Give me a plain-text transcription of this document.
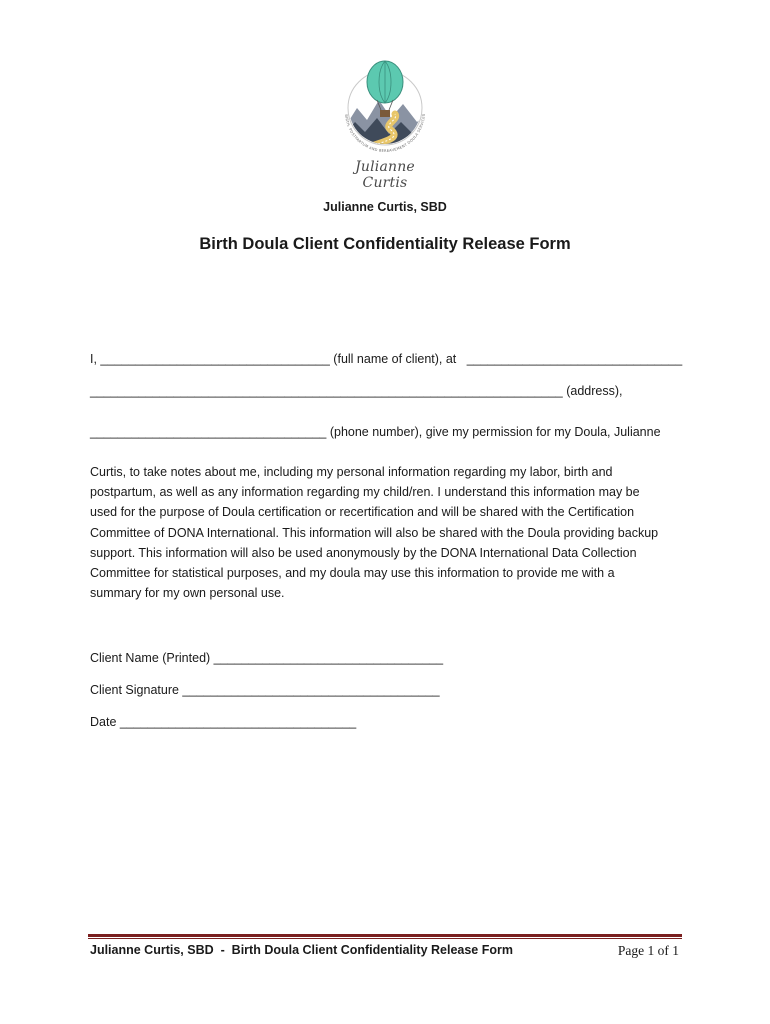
BIRTH, POSTPARTUM AND BEREAVEMENT DOULA SERVICES
Julianne Curtis
Julianne Curtis, SBD
Birth Doula Client Confidentiality Release Form
I, _________________________________ (full name of client), at   _______________________________
____________________________________________________________________ (address),
__________________________________ (phone number), give my permission for my Doula, Julianne
Curtis, to take notes about me, including my personal information regarding my labor, birth and
postpartum, as well as any information regarding my child/ren. I understand this information may be
used for the purpose of Doula certification or recertification and will be shared with the Certification
Committee of DONA International. This information will also be shared with the Doula providing backup
support. This information will also be used anonymously by the DONA International Data Collection
Committee for statistical purposes, and my doula may use this information to provide me with a
summary for my own personal use.
Client Name (Printed) _________________________________
Client Signature _____________________________________
Date __________________________________
Julianne Curtis, SBD  -  Birth Doula Client Confidentiality Release Form	Page 1 of 1
